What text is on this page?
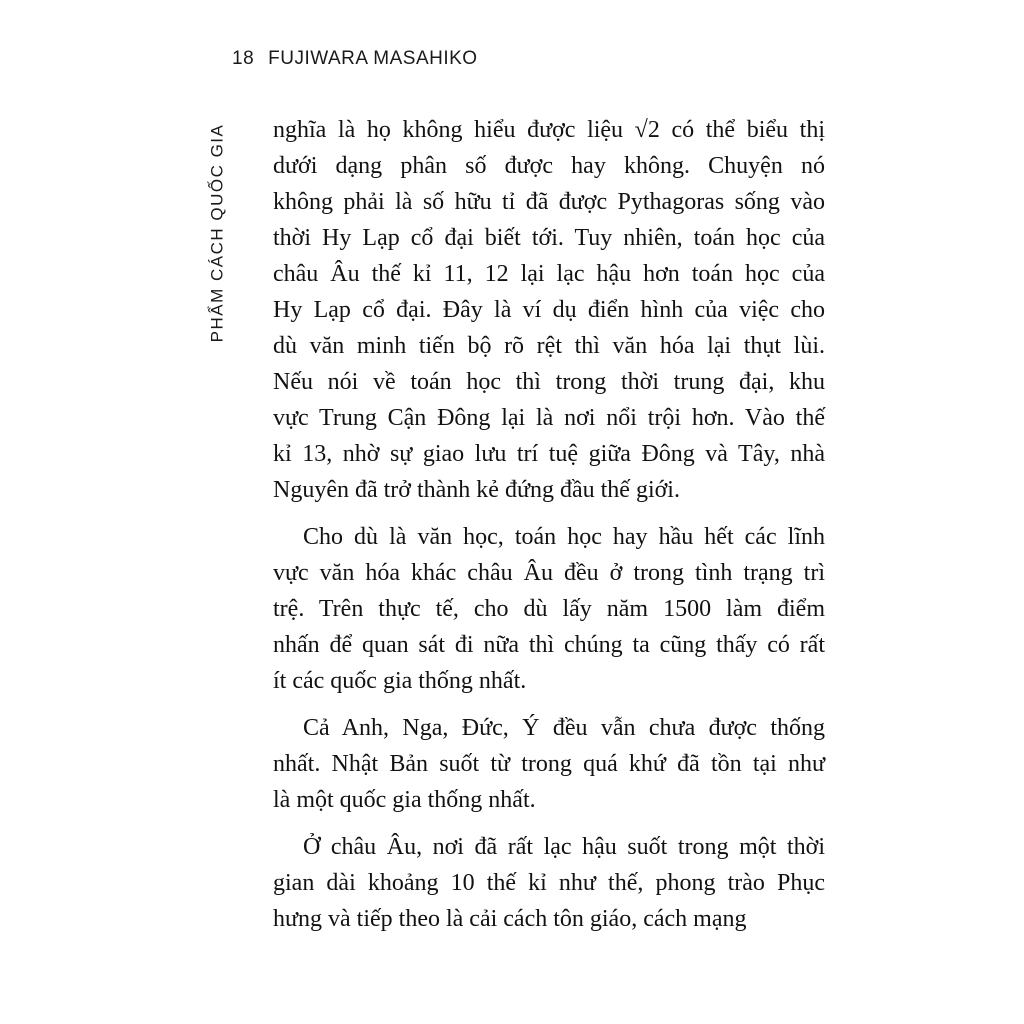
18 FUJIWARA MASAHIKO
PHẨM CÁCH QUỐC GIA nghĩa là họ không hiểu được liệu √2 có thể biểu thị
dưới dạng phân số được hay không. Chuyện nó
không phải là số hữu tỉ đã được Pythagoras sống vào
thời Hy Lạp cổ đại biết tới. Tuy nhiên, toán học của
châu Âu thế kỉ 11, 12 lại lạc hậu hơn toán học của
Hy Lạp cổ đại. Đây là ví dụ điển hình của việc cho
dù văn minh tiến bộ rõ rệt thì văn hóa lại thụt lùi.
Nếu nói về toán học thì trong thời trung đại, khu
vực Trung Cận Đông lại là nơi nổi trội hơn. Vào thế
kỉ 13, nhờ sự giao lưu trí tuệ giữa Đông và Tây, nhà
Nguyên đã trở thành kẻ đứng đầu thế giới.
Cho dù là văn học, toán học hay hầu hết các lĩnh
vực văn hóa khác châu Âu đều ở trong tình trạng trì
trệ. Trên thực tế, cho dù lấy năm 1500 làm điểm
nhấn để quan sát đi nữa thì chúng ta cũng thấy có rất
ít các quốc gia thống nhất.
Cả Anh, Nga, Đức, Ý đều vẫn chưa được thống
nhất. Nhật Bản suốt từ trong quá khứ đã tồn tại như
là một quốc gia thống nhất.
Ở châu Âu, nơi đã rất lạc hậu suốt trong một thời
gian dài khoảng 10 thế kỉ như thế, phong trào Phục
hưng và tiếp theo là cải cách tôn giáo, cách mạng
